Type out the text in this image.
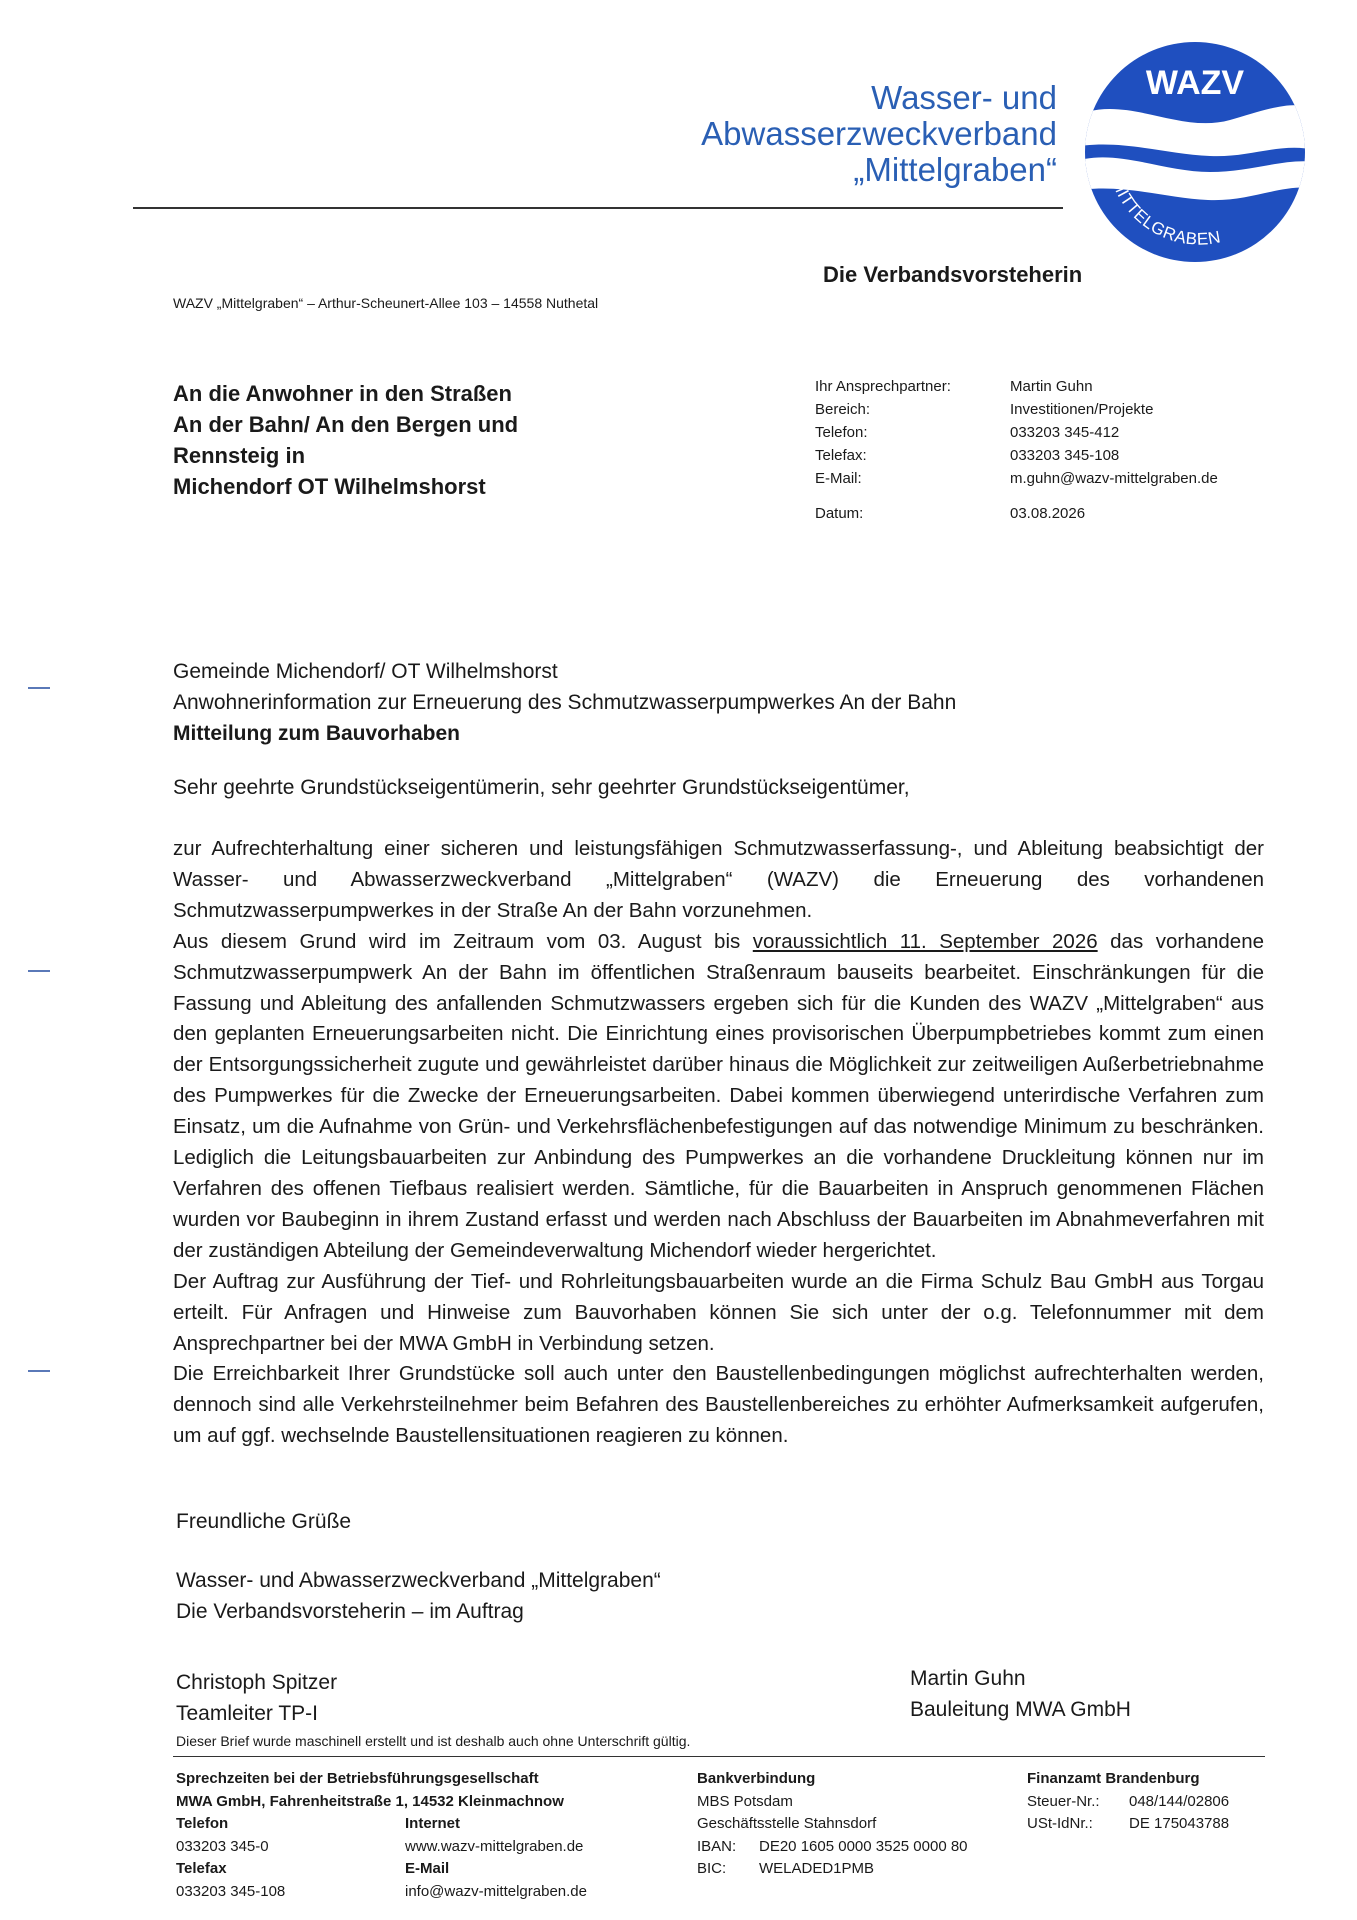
Wasser- und
Abwasserzweckverband
„Mittelgraben“
WAZV
MITTELGRABEN
Die Verbandsvorsteherin
WAZV „Mittelgraben“ – Arthur-Scheunert-Allee 103 – 14558 Nuthetal
An die Anwohner in den Straßen
An der Bahn/ An den Bergen und
Rennsteig in
Michendorf OT Wilhelmshorst
Ihr Ansprechpartner:	Martin Guhn
Bereich:	Investitionen/Projekte
Telefon:	033203 345-412
Telefax:	033203 345-108
E-Mail:	m.guhn@wazv-mittelgraben.de
Datum:	03.08.2026
Gemeinde Michendorf/ OT Wilhelmshorst
Anwohnerinformation zur Erneuerung des Schmutzwasserpumpwerkes An der Bahn
Mitteilung zum Bauvorhaben
Sehr geehrte Grundstückseigentümerin, sehr geehrter Grundstückseigentümer,

zur Aufrechterhaltung einer sicheren und leistungsfähigen Schmutzwasserfassung-, und Ableitung beabsichtigt der Wasser- und Abwasserzweckverband „Mittelgraben“ (WAZV) die Erneuerung des vorhandenen Schmutzwasserpumpwerkes in der Straße An der Bahn vorzunehmen.

Aus diesem Grund wird im Zeitraum vom 03. August bis voraussichtlich 11. September 2026 das vorhandene Schmutzwasserpumpwerk An der Bahn im öffentlichen Straßenraum bauseits bearbeitet. Einschränkungen für die Fassung und Ableitung des anfallenden Schmutzwassers ergeben sich für die Kunden des WAZV „Mittelgraben“ aus den geplanten Erneuerungsarbeiten nicht. Die Einrichtung eines provisorischen Überpumpbetriebes kommt zum einen der Entsorgungssicherheit zugute und gewährleistet darüber hinaus die Möglichkeit zur zeitweiligen Außerbetriebnahme des Pumpwerkes für die Zwecke der Erneuerungsarbeiten. Dabei kommen überwiegend unterirdische Verfahren zum Einsatz, um die Aufnahme von Grün- und Verkehrsflächenbefestigungen auf das notwendige Minimum zu beschränken. Lediglich die Leitungsbauarbeiten zur Anbindung des Pumpwerkes an die vorhandene Druckleitung können nur im Verfahren des offenen Tiefbaus realisiert werden. Sämtliche, für die Bauarbeiten in Anspruch genommenen Flächen wurden vor Baubeginn in ihrem Zustand erfasst und werden nach Abschluss der Bauarbeiten im Abnahmeverfahren mit der zuständigen Abteilung der Gemeindeverwaltung Michendorf wieder hergerichtet.

Der Auftrag zur Ausführung der Tief- und Rohrleitungsbauarbeiten wurde an die Firma Schulz Bau GmbH aus Torgau erteilt. Für Anfragen und Hinweise zum Bauvorhaben können Sie sich unter der o.g. Telefonnummer mit dem Ansprechpartner bei der MWA GmbH in Verbindung setzen.

Die Erreichbarkeit Ihrer Grundstücke soll auch unter den Baustellenbedingungen möglichst aufrechterhalten werden, dennoch sind alle Verkehrsteilnehmer beim Befahren des Baustellenbereiches zu erhöhter Aufmerksamkeit aufgerufen, um auf ggf. wechselnde Baustellensituationen reagieren zu können.

Freundliche Grüße
Wasser- und Abwasserzweckverband „Mittelgraben“
Die Verbandsvorsteherin – im Auftrag
Christoph Spitzer
Teamleiter TP-I
Martin Guhn
Bauleitung MWA GmbH
Dieser Brief wurde maschinell erstellt und ist deshalb auch ohne Unterschrift gültig.
Sprechzeiten bei der Betriebsführungsgesellschaft
MWA GmbH, Fahrenheitstraße 1, 14532 Kleinmachnow
Telefon
033203 345-0
Telefax
033203 345-108
Internet
www.wazv-mittelgraben.de
E-Mail
info@wazv-mittelgraben.de
Bankverbindung
MBS Potsdam
Geschäftsstelle Stahnsdorf
IBAN:	DE20 1605 0000 3525 0000 80
BIC:	WELADED1PMB
Finanzamt Brandenburg
Steuer-Nr.:	048/144/02806
USt-IdNr.:	DE 175043788
